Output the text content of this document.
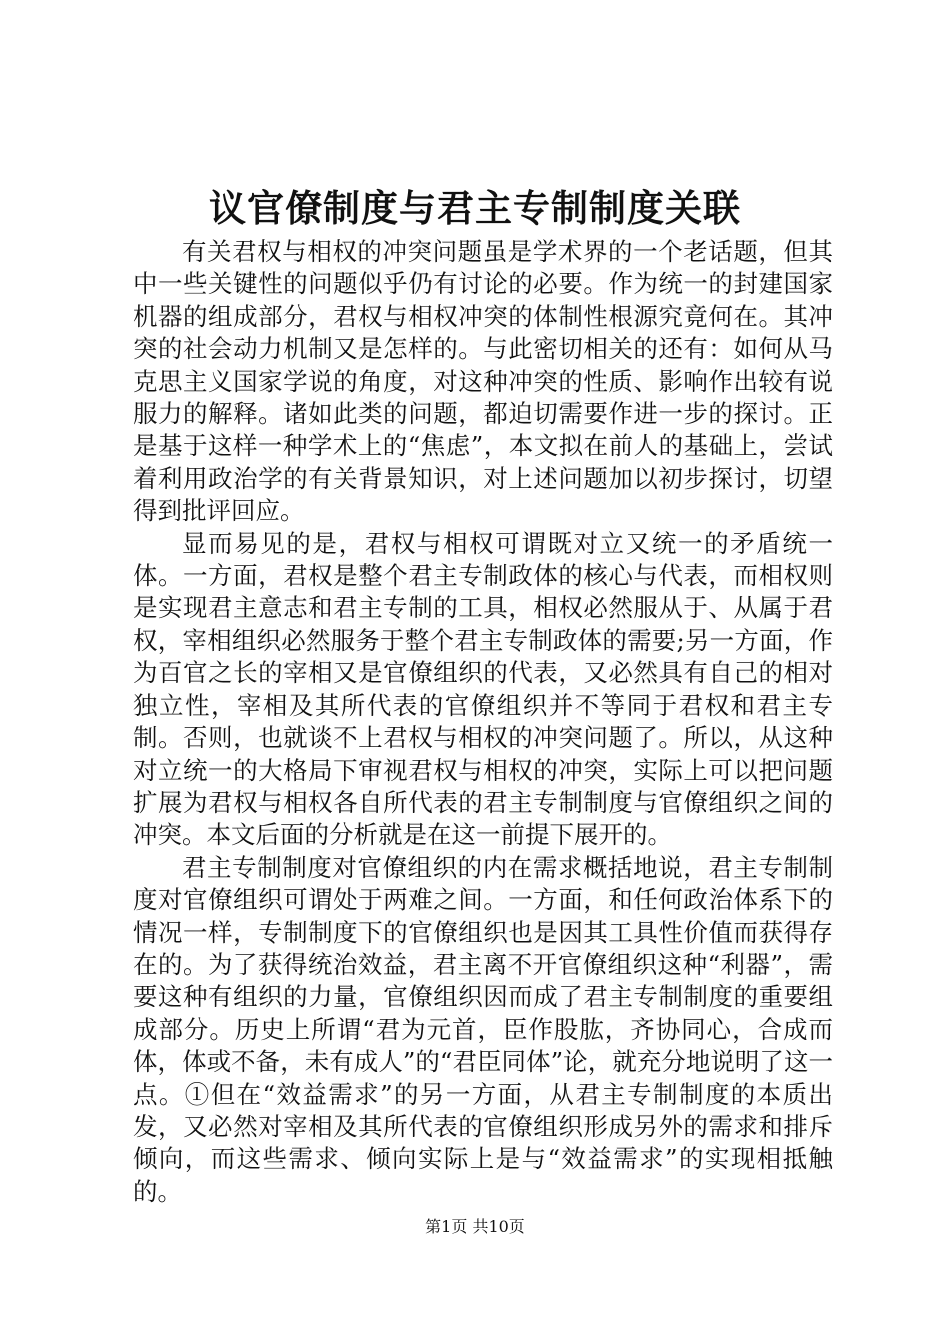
议官僚制度与君主专制制度关联

有关君权与相权的冲突问题虽是学术界的一个老话题，但其中一些关键性的问题似乎仍有讨论的必要。作为统一的封建国家机器的组成部分，君权与相权冲突的体制性根源究竟何在。其冲突的社会动力机制又是怎样的。与此密切相关的还有：如何从马克思主义国家学说的角度，对这种冲突的性质、影响作出较有说服力的解释。诸如此类的问题，都迫切需要作进一步的探讨。正是基于这样一种学术上的“焦虑”，本文拟在前人的基础上，尝试着利用政治学的有关背景知识，对上述问题加以初步探讨，切望得到批评回应。

显而易见的是，君权与相权可谓既对立又统一的矛盾统一体。一方面，君权是整个君主专制政体的核心与代表，而相权则是实现君主意志和君主专制的工具，相权必然服从于、从属于君权，宰相组织必然服务于整个君主专制政体的需要;另一方面，作为百官之长的宰相又是官僚组织的代表，又必然具有自己的相对独立性，宰相及其所代表的官僚组织并不等同于君权和君主专制。否则，也就谈不上君权与相权的冲突问题了。所以，从这种对立统一的大格局下审视君权与相权的冲突，实际上可以把问题扩展为君权与相权各自所代表的君主专制制度与官僚组织之间的冲突。本文后面的分析就是在这一前提下展开的。

君主专制制度对官僚组织的内在需求概括地说，君主专制制度对官僚组织可谓处于两难之间。一方面，和任何政治体系下的情况一样，专制制度下的官僚组织也是因其工具性价值而获得存在的。为了获得统治效益，君主离不开官僚组织这种“利器”，需要这种有组织的力量，官僚组织因而成了君主专制制度的重要组成部分。历史上所谓“君为元首，臣作股肱，齐协同心，合成而体，体或不备，未有成人”的“君臣同体”论，就充分地说明了这一点。①但在“效益需求”的另一方面，从君主专制制度的本质出发，又必然对宰相及其所代表的官僚组织形成另外的需求和排斥倾向，而这些需求、倾向实际上是与“效益需求”的实现相抵触的。

第1页 共10页
